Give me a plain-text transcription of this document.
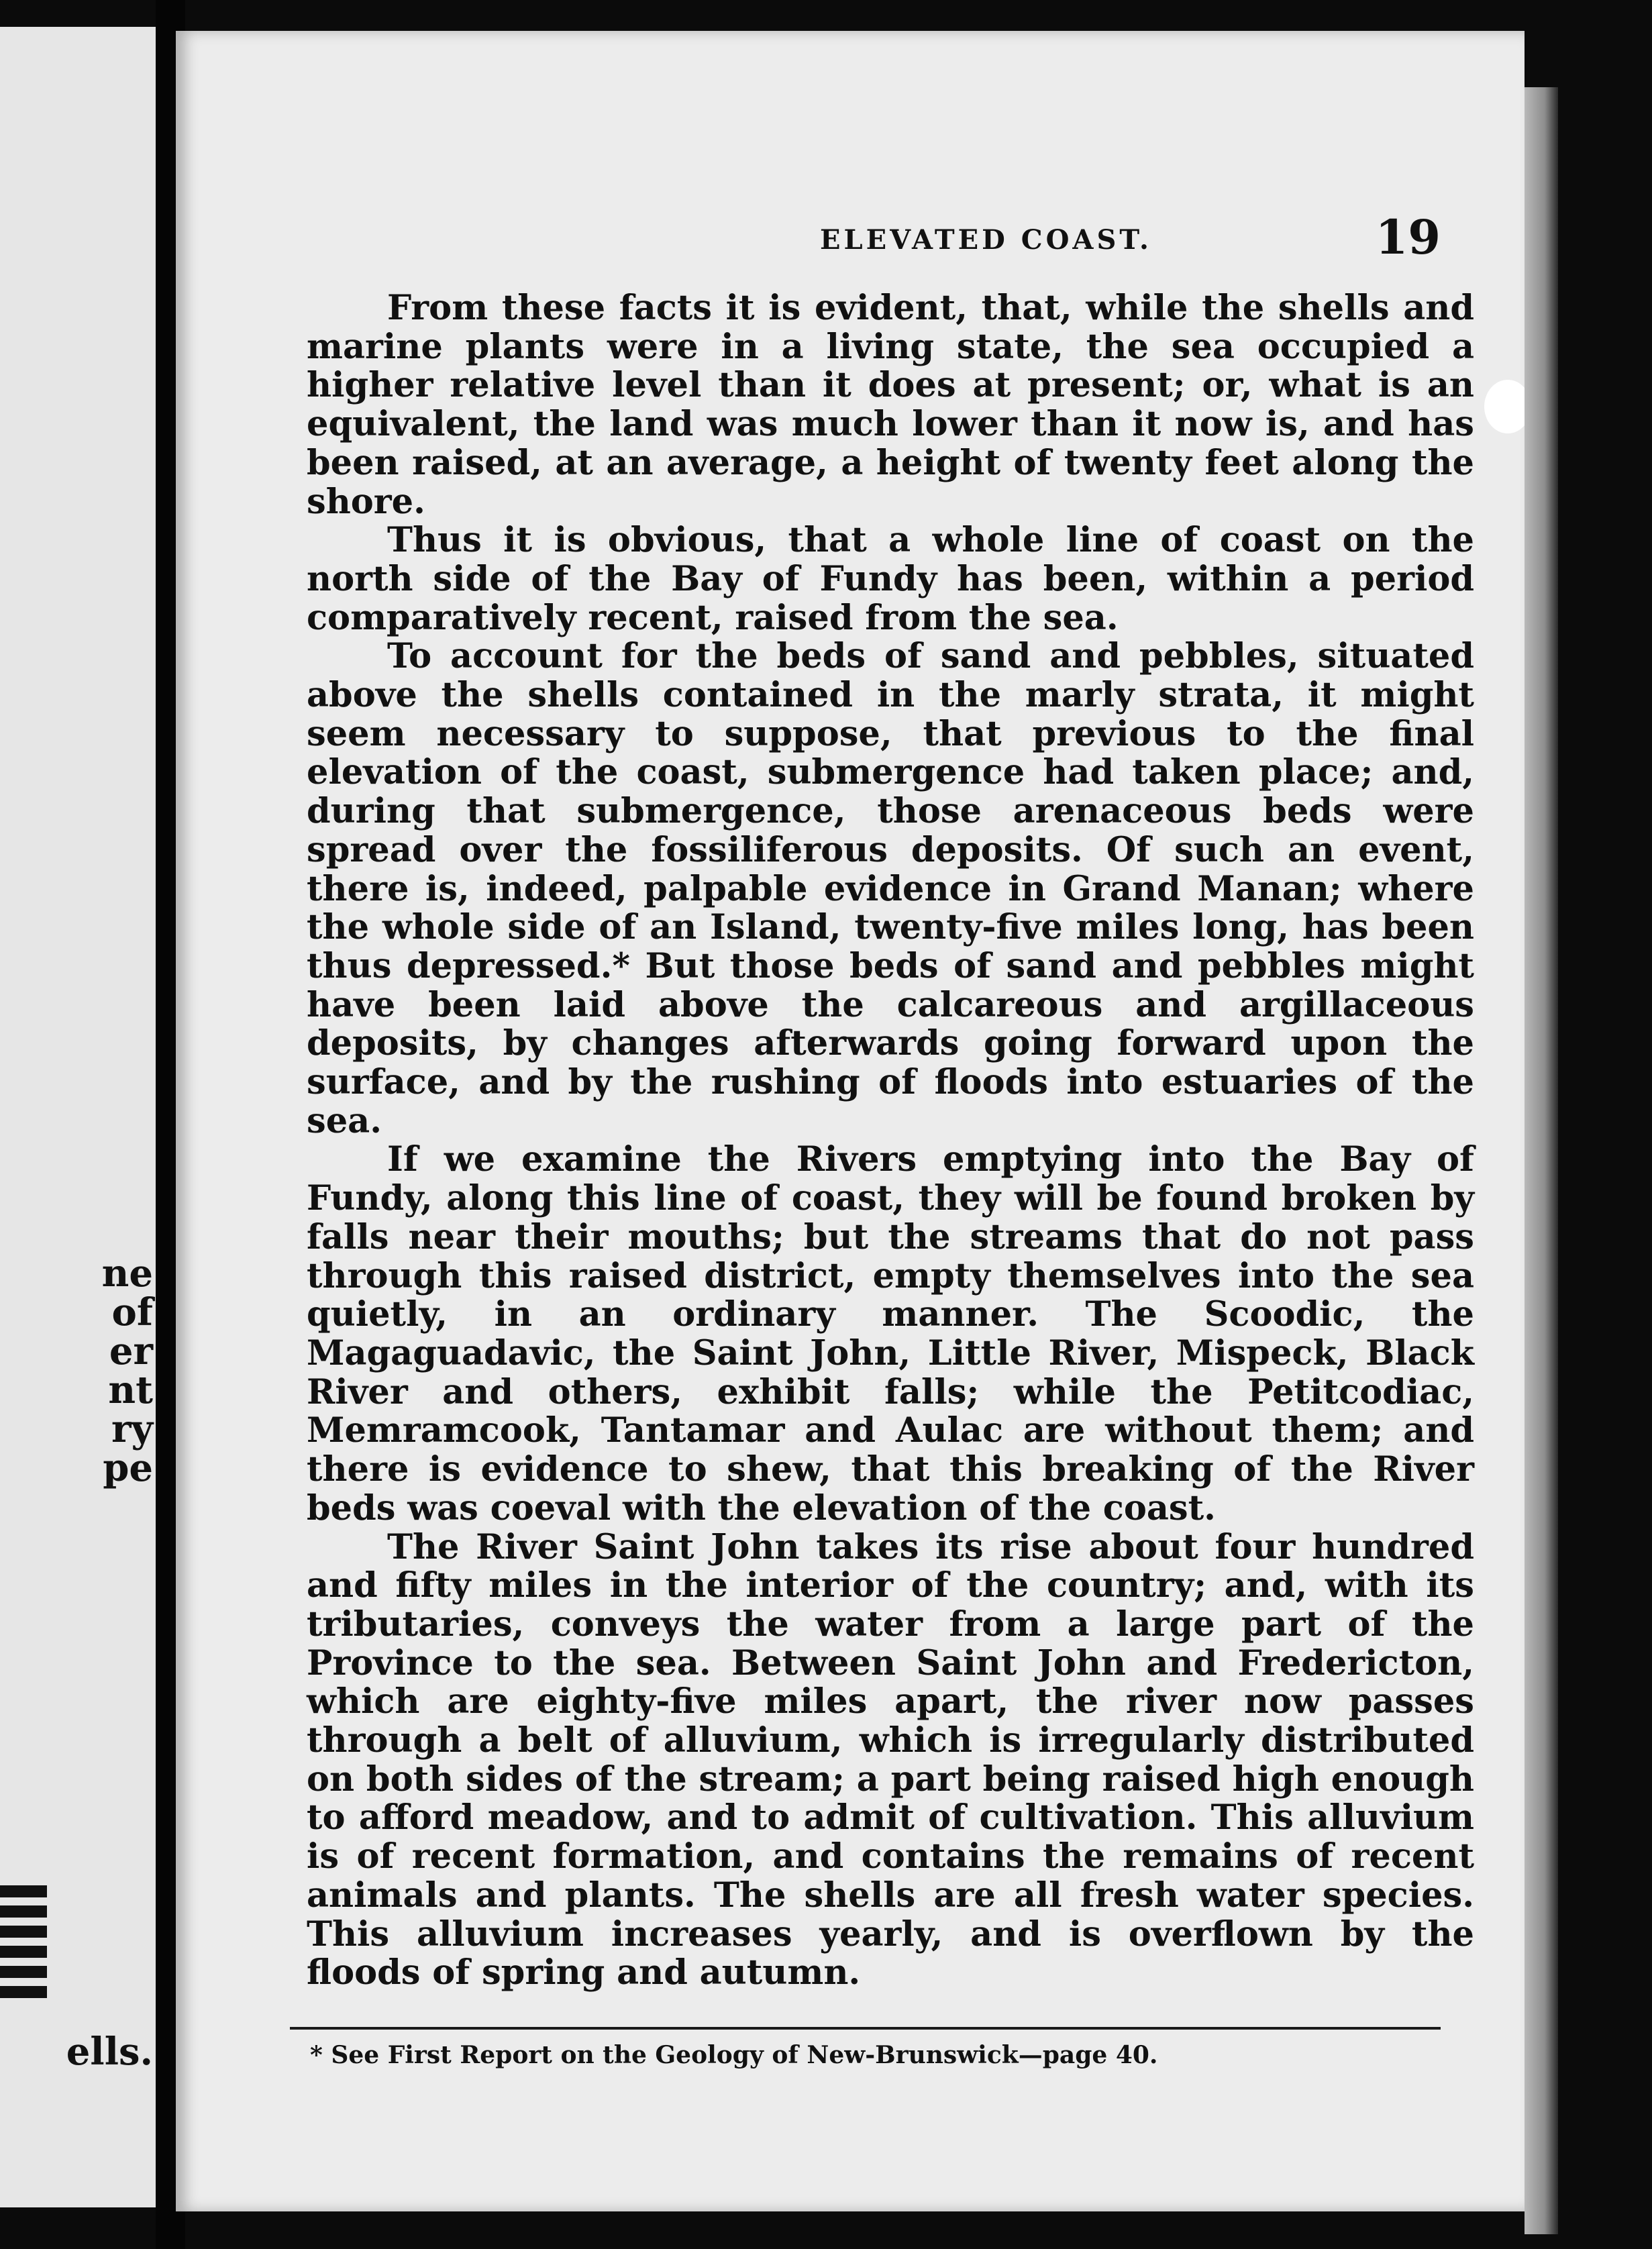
ne
of
er
nt
ry
pe
ells.
ELEVATED COAST.	19

From these facts it is evident, that, while the shells and marine plants were in a living state, the sea occupied a higher relative level than it does at present; or, what is an equivalent, the land was much lower than it now is, and has been raised, at an average, a height of twenty feet along the shore.

Thus it is obvious, that a whole line of coast on the north side of the Bay of Fundy has been, within a period comparatively recent, raised from the sea.

To account for the beds of sand and pebbles, situated above the shells contained in the marly strata, it might seem necessary to suppose, that previous to the final elevation of the coast, submergence had taken place; and, during that submergence, those arenaceous beds were spread over the fossiliferous deposits. Of such an event, there is, indeed, palpable evidence in Grand Manan; where the whole side of an Island, twenty-five miles long, has been thus depressed.* But those beds of sand and pebbles might have been laid above the calcareous and argillaceous deposits, by changes afterwards going forward upon the surface, and by the rushing of floods into estuaries of the sea.

If we examine the Rivers emptying into the Bay of Fundy, along this line of coast, they will be found broken by falls near their mouths; but the streams that do not pass through this raised district, empty themselves into the sea quietly, in an ordinary manner. The Scoodic, the Magaguadavic, the Saint John, Little River, Mispeck, Black River and others, exhibit falls; while the Petitcodiac, Memramcook, Tantamar and Aulac are without them; and there is evidence to shew, that this breaking of the River beds was coeval with the elevation of the coast.

The River Saint John takes its rise about four hundred and fifty miles in the interior of the country; and, with its tributaries, conveys the water from a large part of the Province to the sea. Between Saint John and Fredericton, which are eighty-five miles apart, the river now passes through a belt of alluvium, which is irregularly distributed on both sides of the stream; a part being raised high enough to afford meadow, and to admit of cultivation. This alluvium is of recent formation, and contains the remains of recent animals and plants. The shells are all fresh water species. This alluvium increases yearly, and is overflown by the floods of spring and autumn.

* See First Report on the Geology of New-Brunswick—page 40.
